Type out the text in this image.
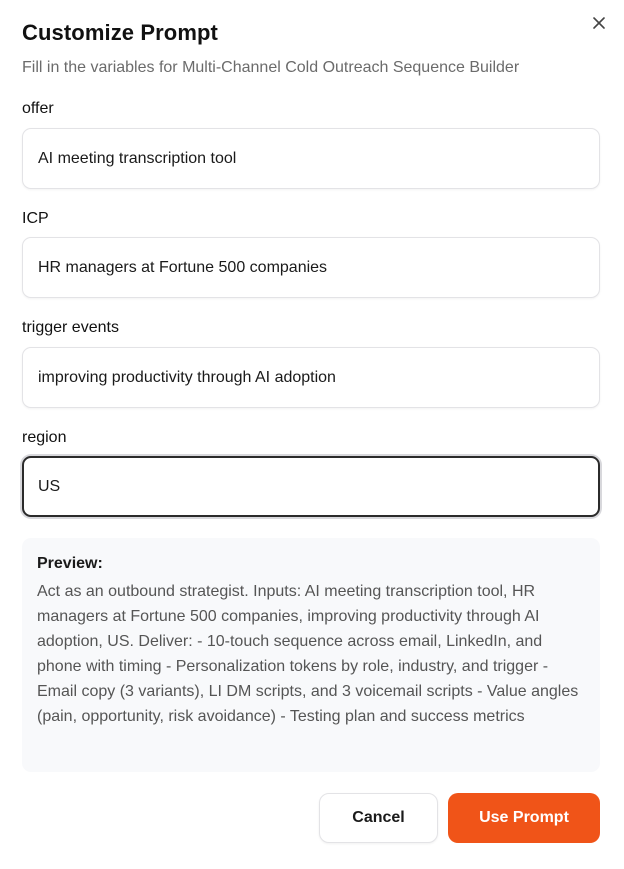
Customize Prompt
Fill in the variables for Multi-Channel Cold Outreach Sequence Builder
offer
AI meeting transcription tool
ICP
HR managers at Fortune 500 companies
trigger events
improving productivity through AI adoption
region
US
Preview:
Act as an outbound strategist. Inputs: AI meeting transcription tool, HR managers at Fortune 500 companies, improving productivity through AI adoption, US. Deliver: - 10-touch sequence across email, LinkedIn, and phone with timing - Personalization tokens by role, industry, and trigger - Email copy (3 variants), LI DM scripts, and 3 voicemail scripts - Value angles (pain, opportunity, risk avoidance) - Testing plan and success metrics
Cancel	Use Prompt
